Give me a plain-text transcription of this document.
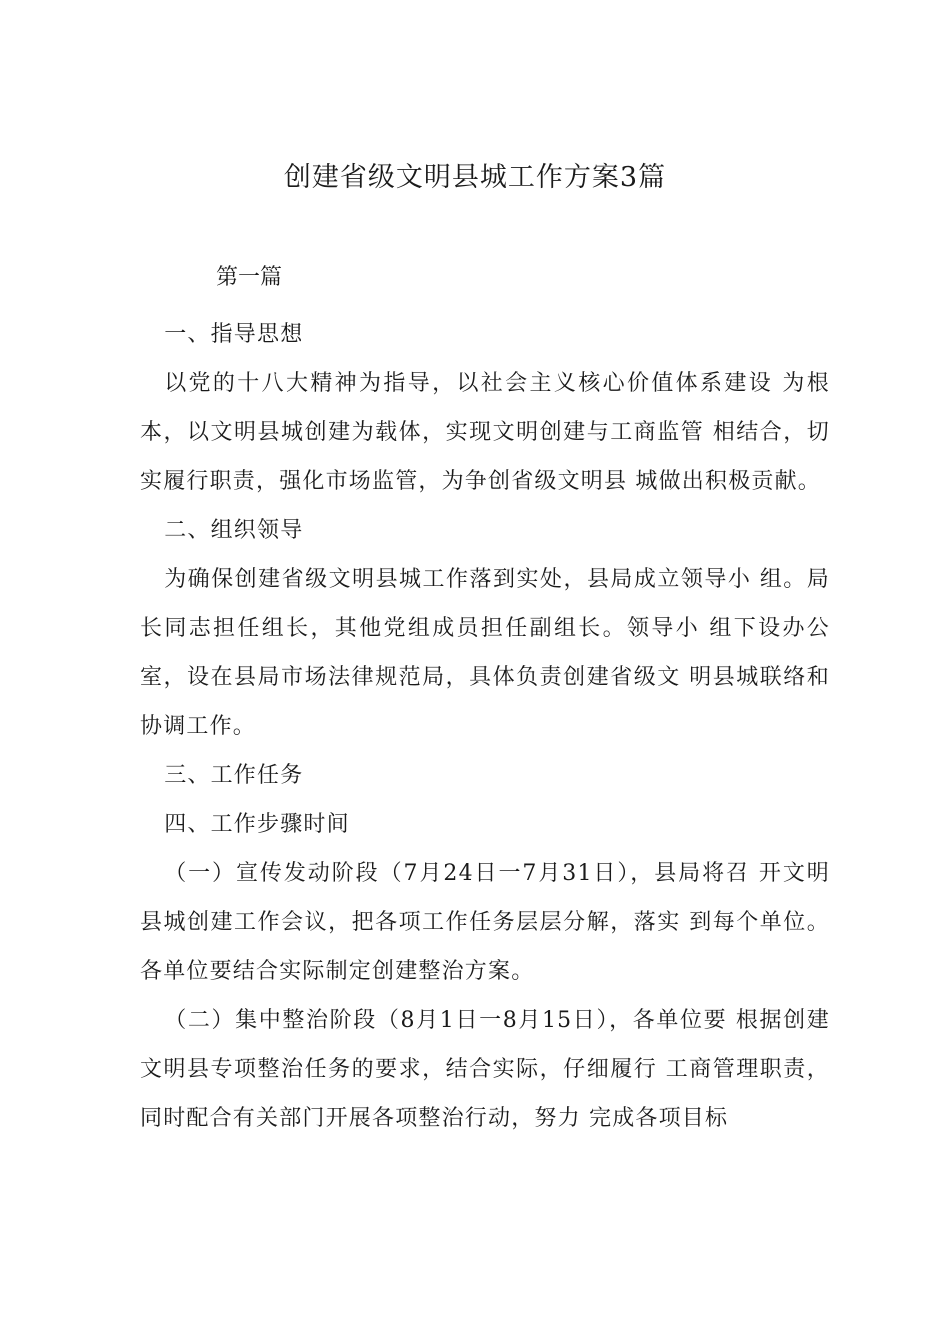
创建省级文明县城工作方案3篇
第一篇

一、指导思想

以党的十八大精神为指导，以社会主义核心价值体系建设 为根本，以文明县城创建为载体，实现文明创建与工商监管 相结合，切实履行职责，强化市场监管，为争创省级文明县 城做出积极贡献。

二、组织领导

为确保创建省级文明县城工作落到实处，县局成立领导小 组。局长同志担任组长，其他党组成员担任副组长。领导小 组下设办公室，设在县局市场法律规范局，具体负责创建省级文 明县城联络和协调工作。

三、工作任务

四、工作步骤时间

（一）宣传发动阶段（7月24日一7月31日），县局将召 开文明县城创建工作会议，把各项工作任务层层分解，落实 到每个单位。各单位要结合实际制定创建整治方案。

（二）集中整治阶段（8月1日一8月15日），各单位要 根据创建文明县专项整治任务的要求，结合实际，仔细履行 工商管理职责，同时配合有关部门开展各项整治行动，努力 完成各项目标
